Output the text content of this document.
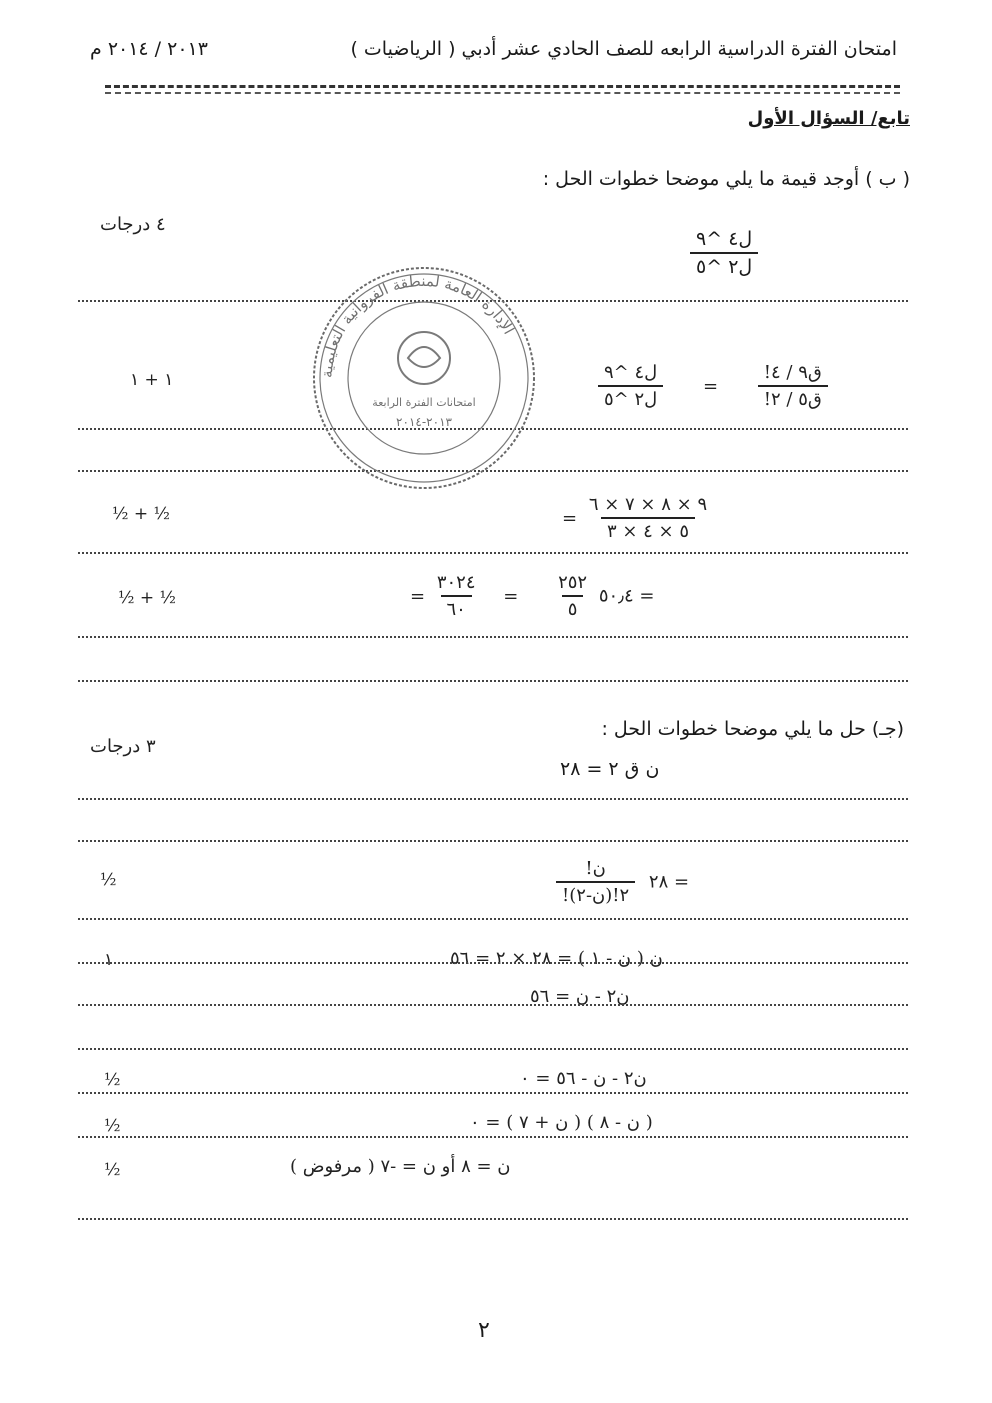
امتحان الفترة الدراسية الرابعه للصف الحادي عشر أدبي ( الرياضيات )
٢٠١٣ / ٢٠١٤ م
تابع/ السؤال الأول
( ب ) أوجد قيمة ما يلي موضحا خطوات الحل :
٤ درجات
$\frac{\text{ل٤ \textasciicircum{}٩}}{\text{ل٢ \textasciicircum{}٥}}$
$\frac{\text{ق٩ / ٤!}}{\text{ق٥ / ٢!}}$
=
$\frac{\text{ل٤ \textasciicircum{}٩}}{\text{ل٢ \textasciicircum{}٥}}$
١ + ١
$\frac{٩ \times ٨ \times ٧ \times ٦}{٥ \times ٤ \times ٣}$
=
½ + ½
= ٥٠٫٤
$\frac{٢٥٢}{٥}$
=
$\frac{٣٠٢٤}{٦٠}$
=
½ + ½
الإدارة العامة لمنطقة الفروانية التعليمية
امتحانات الفترة الرابعة
٢٠١٣-٢٠١٤
(جـ) حل ما يلي موضحا خطوات الحل :
٣ درجات
ن ق ٢ = ٢٨
= ٢٨
$\frac{\text{ن!}}{\text{٢!(ن-٢)!}}$
½
ن ( ن - ١ ) = ٢٨ × ٢ = ٥٦
١
ن٢ - ن = ٥٦
ن٢ - ن - ٥٦ = ٠
½
( ن - ٨ ) ( ن + ٧ ) = ٠
½
ن = ٨ أو ن = -٧ ( مرفوض )
½
٢
